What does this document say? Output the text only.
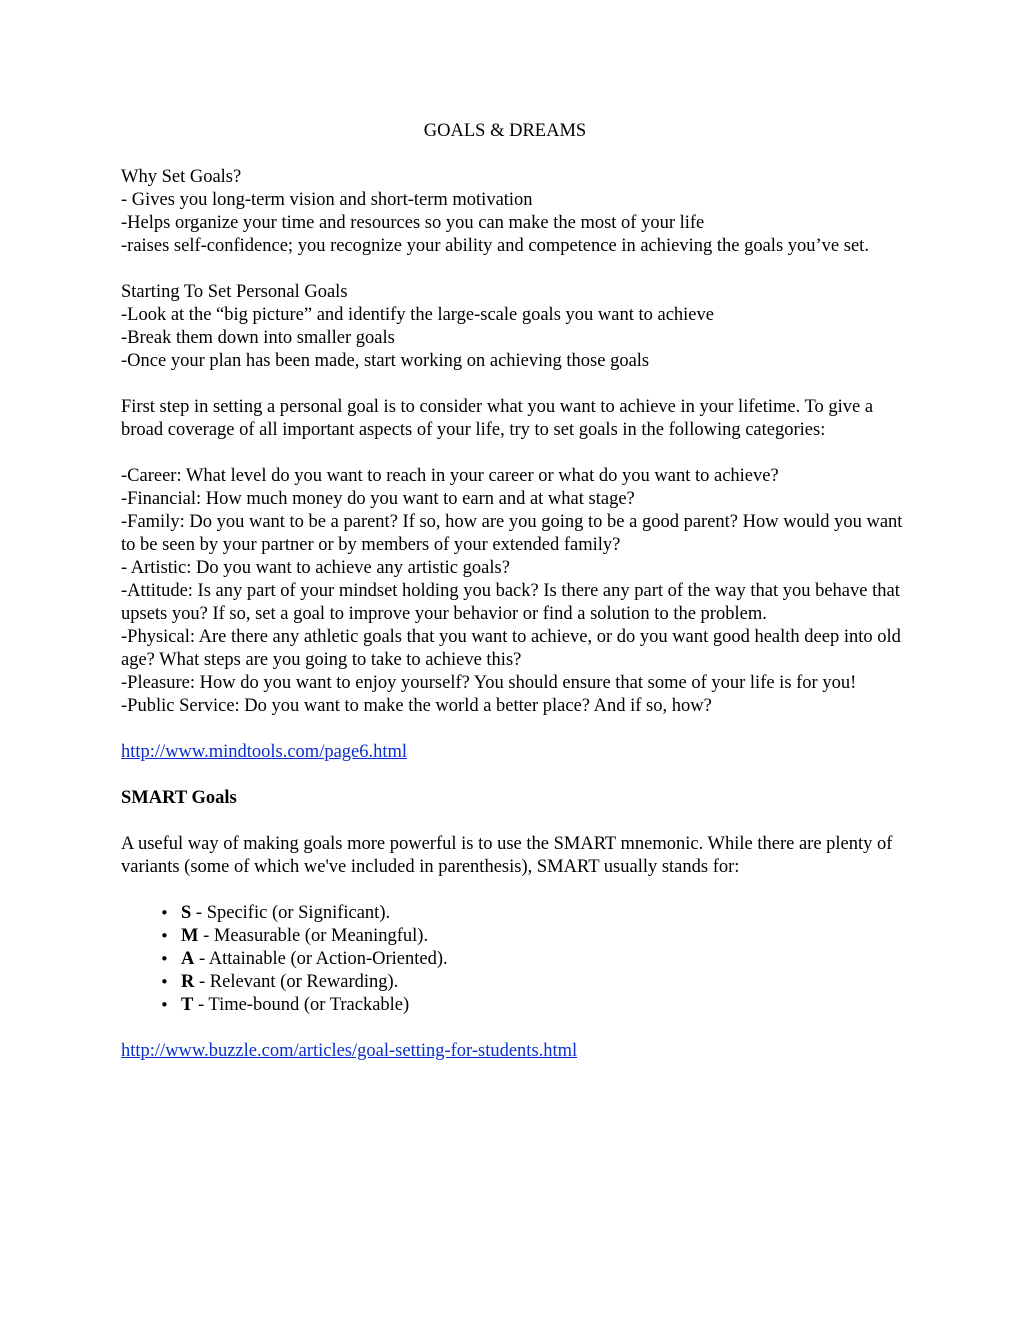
GOALS & DREAMS
Why Set Goals?
- Gives you long-term vision and short-term motivation
-Helps organize your time and resources so you can make the most of your life
-raises self-confidence; you recognize your ability and competence in achieving the goals you’ve set.
Starting To Set Personal Goals
-Look at the “big picture” and identify the large-scale goals you want to achieve
-Break them down into smaller goals
-Once your plan has been made, start working on achieving those goals
First step in setting a personal goal is to consider what you want to achieve in your lifetime. To give a broad coverage of all important aspects of your life, try to set goals in the following categories:
-Career: What level do you want to reach in your career or what do you want to achieve?
-Financial: How much money do you want to earn and at what stage?
-Family: Do you want to be a parent? If so, how are you going to be a good parent? How would you want to be seen by your partner or by members of your extended family?
- Artistic: Do you want to achieve any artistic goals?
-Attitude: Is any part of your mindset holding you back? Is there any part of the way that you behave that upsets you? If so, set a goal to improve your behavior or find a solution to the problem.
-Physical: Are there any athletic goals that you want to achieve, or do you want good health deep into old age? What steps are you going to take to achieve this?
-Pleasure: How do you want to enjoy yourself? You should ensure that some of your life is for you!
-Public Service: Do you want to make the world a better place? And if so, how?
http://www.mindtools.com/page6.html
SMART Goals
A useful way of making goals more powerful is to use the SMART mnemonic. While there are plenty of variants (some of which we've included in parenthesis), SMART usually stands for:
• S - Specific (or Significant).
• M - Measurable (or Meaningful).
• A - Attainable (or Action-Oriented).
• R - Relevant (or Rewarding).
• T - Time-bound (or Trackable)
http://www.buzzle.com/articles/goal-setting-for-students.html
